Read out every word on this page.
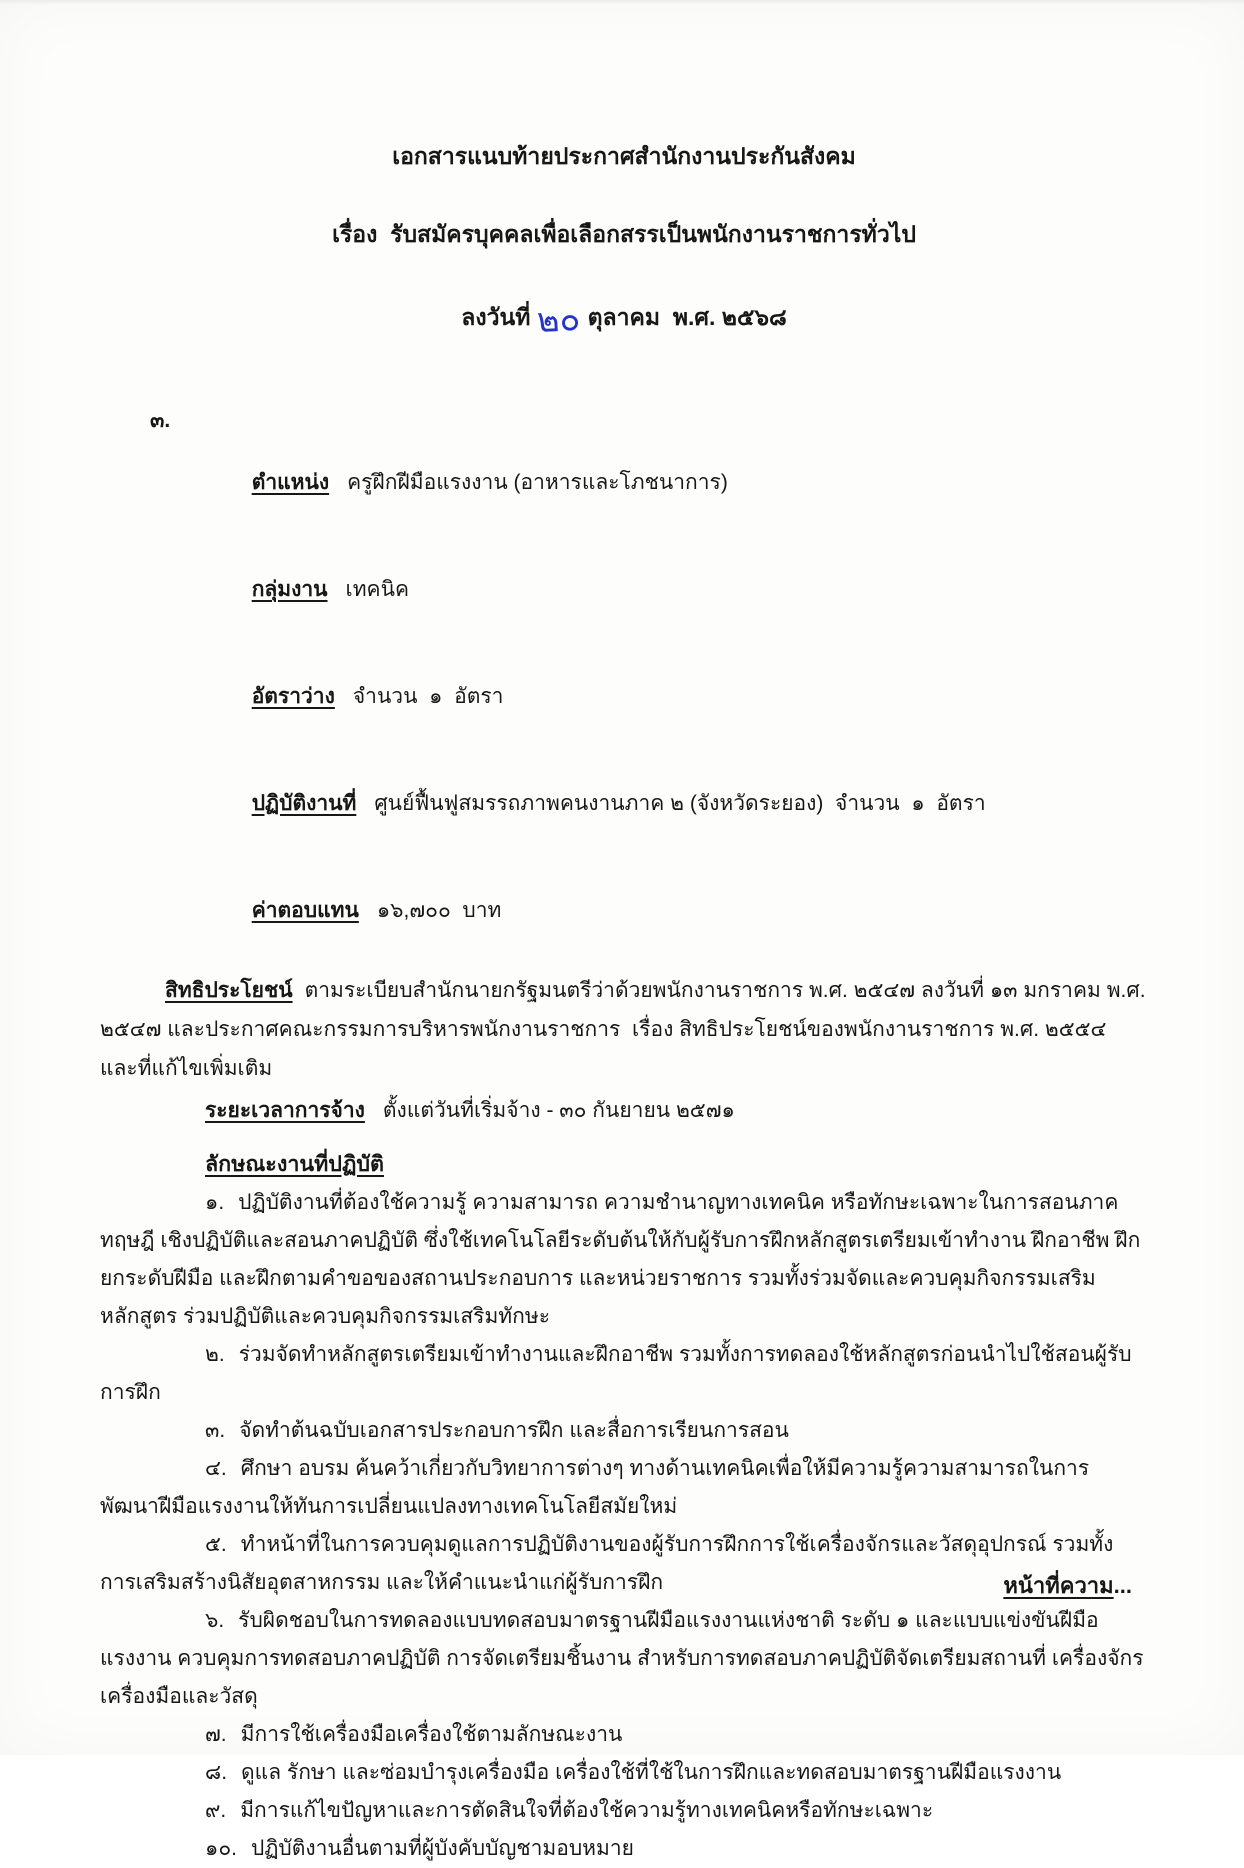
เอกสารแนบท้ายประกาศสำนักงานประกันสังคม

เรื่อง  รับสมัครบุคคลเพื่อเลือกสรรเป็นพนักงานราชการทั่วไป

ลงวันที่ ๒๐ ตุลาคม  พ.ศ. ๒๕๖๘

๓.

ตำแหน่ง ครูฝึกฝีมือแรงงาน (อาหารและโภชนาการ)

กลุ่มงาน เทคนิค

อัตราว่าง จำนวน  ๑  อัตรา

ปฏิบัติงานที่ ศูนย์ฟื้นฟูสมรรถภาพคนงานภาค ๒ (จังหวัดระยอง)  จำนวน  ๑  อัตรา

ค่าตอบแทน ๑๖,๗๐๐  บาท

สิทธิประโยชน์ ตามระเบียบสำนักนายกรัฐมนตรีว่าด้วยพนักงานราชการ พ.ศ. ๒๕๔๗ ลงวันที่ ๑๓ มกราคม พ.ศ. ๒๕๔๗ และประกาศคณะกรรมการบริหารพนักงานราชการ  เรื่อง สิทธิประโยชน์ของพนักงานราชการ พ.ศ. ๒๕๕๔ และที่แก้ไขเพิ่มเติม

ระยะเวลาการจ้าง ตั้งแต่วันที่เริ่มจ้าง - ๓๐ กันยายน ๒๕๗๑
ลักษณะงานที่ปฏิบัติ

๑. ปฏิบัติงานที่ต้องใช้ความรู้ ความสามารถ ความชำนาญทางเทคนิค หรือทักษะเฉพาะในการสอนภาคทฤษฎี เชิงปฏิบัติและสอนภาคปฏิบัติ ซึ่งใช้เทคโนโลยีระดับต้นให้กับผู้รับการฝึกหลักสูตรเตรียมเข้าทำงาน ฝึกอาชีพ ฝึกยกระดับฝีมือ และฝึกตามคำขอของสถานประกอบการ และหน่วยราชการ รวมทั้งร่วมจัดและควบคุมกิจกรรมเสริมหลักสูตร ร่วมปฏิบัติและควบคุมกิจกรรมเสริมทักษะ

๒. ร่วมจัดทำหลักสูตรเตรียมเข้าทำงานและฝึกอาชีพ รวมทั้งการทดลองใช้หลักสูตรก่อนนำไปใช้สอนผู้รับการฝึก

๓. จัดทำต้นฉบับเอกสารประกอบการฝึก และสื่อการเรียนการสอน

๔. ศึกษา อบรม ค้นคว้าเกี่ยวกับวิทยาการต่างๆ ทางด้านเทคนิคเพื่อให้มีความรู้ความสามารถในการพัฒนาฝีมือแรงงานให้ทันการเปลี่ยนแปลงทางเทคโนโลยีสมัยใหม่

๕. ทำหน้าที่ในการควบคุมดูแลการปฏิบัติงานของผู้รับการฝึกการใช้เครื่องจักรและวัสดุอุปกรณ์ รวมทั้งการเสริมสร้างนิสัยอุตสาหกรรม และให้คำแนะนำแก่ผู้รับการฝึก

๖. รับผิดชอบในการทดลองแบบทดสอบมาตรฐานฝีมือแรงงานแห่งชาติ ระดับ ๑ และแบบแข่งขันฝีมือแรงงาน ควบคุมการทดสอบภาคปฏิบัติ การจัดเตรียมชิ้นงาน สำหรับการทดสอบภาคปฏิบัติจัดเตรียมสถานที่ เครื่องจักร เครื่องมือและวัสดุ

๗. มีการใช้เครื่องมือเครื่องใช้ตามลักษณะงาน

๘. ดูแล รักษา และซ่อมบำรุงเครื่องมือ เครื่องใช้ที่ใช้ในการฝึกและทดสอบมาตรฐานฝีมือแรงงาน

๙. มีการแก้ไขปัญหาและการตัดสินใจที่ต้องใช้ความรู้ทางเทคนิคหรือทักษะเฉพาะ

๑๐. ปฏิบัติงานอื่นตามที่ผู้บังคับบัญชามอบหมาย

หน้าที่ความ...
